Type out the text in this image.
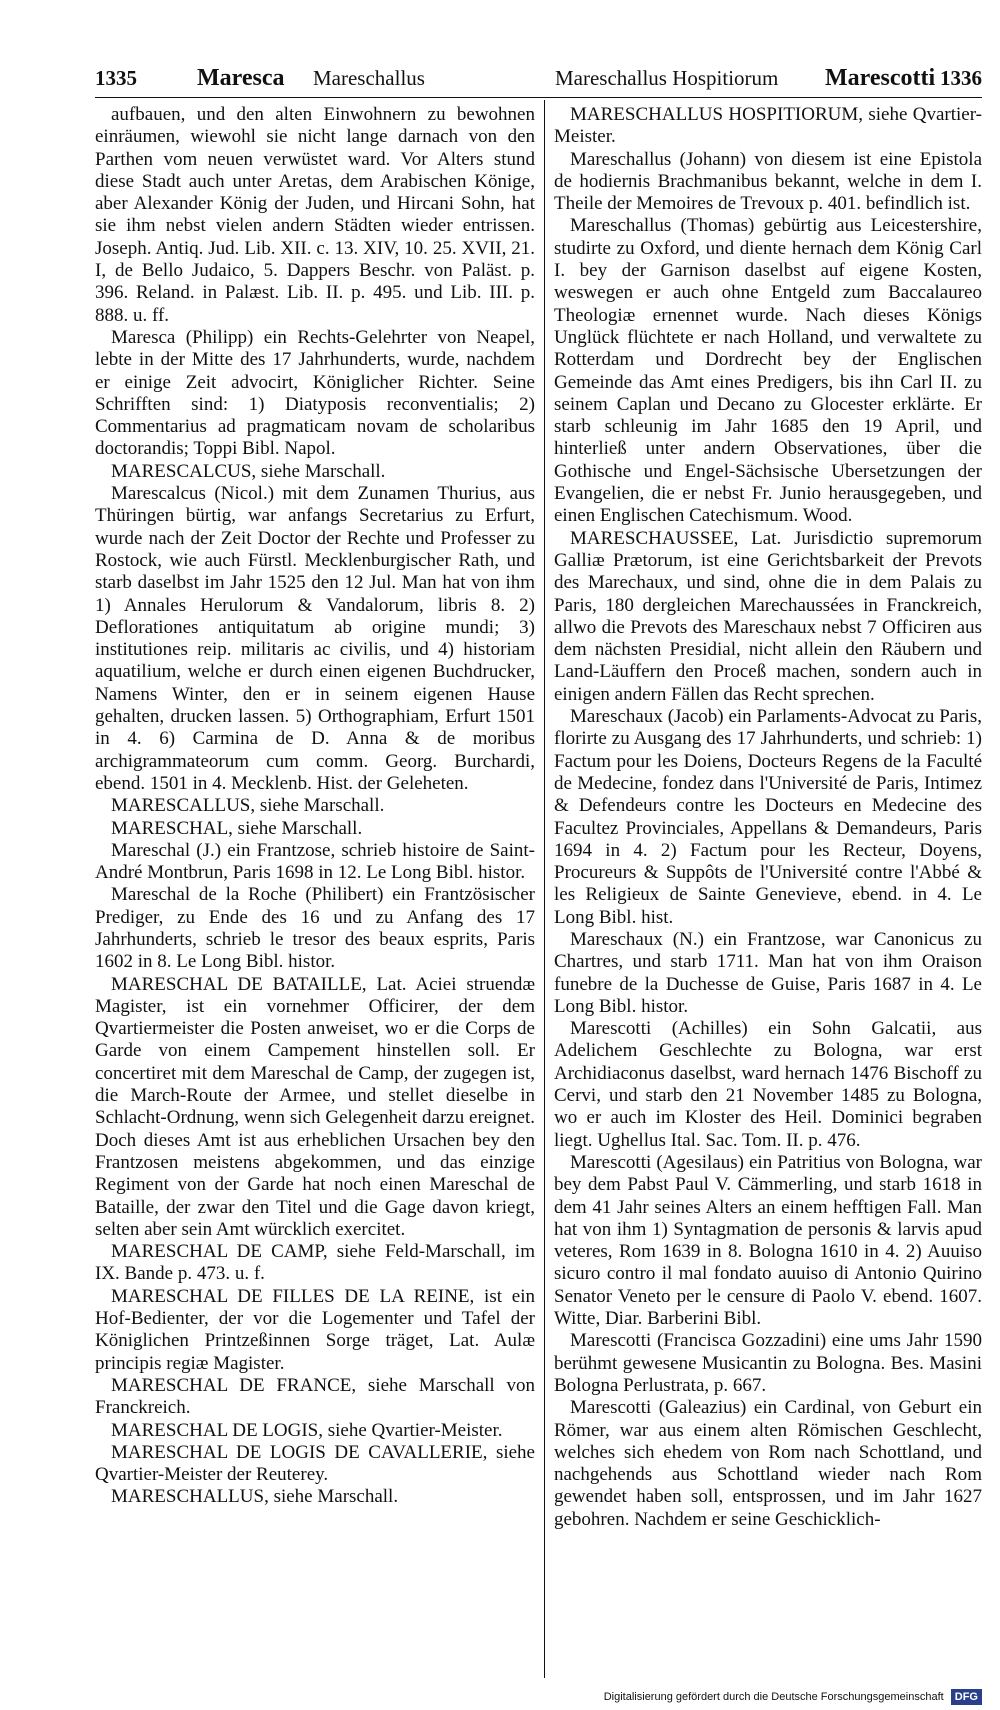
1335	Maresca Mareschallus	Mareschallus Hospitiorum Marescotti 1336

aufbauen, und den alten Einwohnern zu bewohnen einräumen, wiewohl sie nicht lange darnach von den Parthen vom neuen verwüstet ward. Vor Alters stund diese Stadt auch unter Aretas, dem Arabischen Könige, aber Alexander König der Juden, und Hircani Sohn, hat sie ihm nebst vielen andern Städten wieder entrissen. Joseph. Antiq. Jud. Lib. XII. c. 13. XIV, 10. 25. XVII, 21. I, de Bello Judaico, 5. Dappers Beschr. von Paläst. p. 396. Reland. in Palæst. Lib. II. p. 495. und Lib. III. p. 888. u. ff.

Maresca (Philipp) ein Rechts-Gelehrter von Neapel, lebte in der Mitte des 17 Jahrhunderts, wurde, nachdem er einige Zeit advocirt, Königlicher Richter. Seine Schrifften sind: 1) Diatyposis reconventialis; 2) Commentarius ad pragmaticam novam de scholaribus doctorandis; Toppi Bibl. Napol.

MARESCALCUS, siehe Marschall.

Marescalcus (Nicol.) mit dem Zunamen Thurius, aus Thüringen bürtig, war anfangs Secretarius zu Erfurt, wurde nach der Zeit Doctor der Rechte und Professer zu Rostock, wie auch Fürstl. Mecklenburgischer Rath, und starb daselbst im Jahr 1525 den 12 Jul. Man hat von ihm 1) Annales Herulorum & Vandalorum, libris 8. 2) Deflorationes antiquitatum ab origine mundi; 3) institutiones reip. militaris ac civilis, und 4) historiam aquatilium, welche er durch einen eigenen Buchdrucker, Namens Winter, den er in seinem eigenen Hause gehalten, drucken lassen. 5) Orthographiam, Erfurt 1501 in 4. 6) Carmina de D. Anna & de moribus archigrammateorum cum comm. Georg. Burchardi, ebend. 1501 in 4. Mecklenb. Hist. der Geleheten.

MARESCALLUS, siehe Marschall.

MARESCHAL, siehe Marschall.

Mareschal (J.) ein Frantzose, schrieb histoire de Saint-André Montbrun, Paris 1698 in 12. Le Long Bibl. histor.

Mareschal de la Roche (Philibert) ein Frantzösischer Prediger, zu Ende des 16 und zu Anfang des 17 Jahrhunderts, schrieb le tresor des beaux esprits, Paris 1602 in 8. Le Long Bibl. histor.

MARESCHAL DE BATAILLE, Lat. Aciei struendæ Magister, ist ein vornehmer Officirer, der dem Qvartiermeister die Posten anweiset, wo er die Corps de Garde von einem Campement hinstellen soll. Er concertiret mit dem Mareschal de Camp, der zugegen ist, die March-Route der Armee, und stellet dieselbe in Schlacht-Ordnung, wenn sich Gelegenheit darzu ereignet. Doch dieses Amt ist aus erheblichen Ursachen bey den Frantzosen meistens abgekommen, und das einzige Regiment von der Garde hat noch einen Mareschal de Bataille, der zwar den Titel und die Gage davon kriegt, selten aber sein Amt würcklich exercitet.

MARESCHAL DE CAMP, siehe Feld-Marschall, im IX. Bande p. 473. u. f.

MARESCHAL DE FILLES DE LA REINE, ist ein Hof-Bedienter, der vor die Logementer und Tafel der Königlichen Printzeßinnen Sorge träget, Lat. Aulæ principis regiæ Magister.

MARESCHAL DE FRANCE, siehe Marschall von Franckreich.

MARESCHAL DE LOGIS, siehe Qvartier-Meister.

MARESCHAL DE LOGIS DE CAVALLERIE, siehe Qvartier-Meister der Reuterey.

MARESCHALLUS, siehe Marschall.

MARESCHALLUS HOSPITIORUM, siehe Qvartier-Meister.

Mareschallus (Johann) von diesem ist eine Epistola de hodiernis Brachmanibus bekannt, welche in dem I. Theile der Memoires de Trevoux p. 401. befindlich ist.

Mareschallus (Thomas) gebürtig aus Leicestershire, studirte zu Oxford, und diente hernach dem König Carl I. bey der Garnison daselbst auf eigene Kosten, weswegen er auch ohne Entgeld zum Baccalaureo Theologiæ ernennet wurde. Nach dieses Königs Unglück flüchtete er nach Holland, und verwaltete zu Rotterdam und Dordrecht bey der Englischen Gemeinde das Amt eines Predigers, bis ihn Carl II. zu seinem Caplan und Decano zu Glocester erklärte. Er starb schleunig im Jahr 1685 den 19 April, und hinterließ unter andern Observationes, über die Gothische und Engel-Sächsische Ubersetzungen der Evangelien, die er nebst Fr. Junio herausgegeben, und einen Englischen Catechismum. Wood.

MARESCHAUSSEE, Lat. Jurisdictio supremorum Galliæ Prætorum, ist eine Gerichtsbarkeit der Prevots des Marechaux, und sind, ohne die in dem Palais zu Paris, 180 dergleichen Marechaussées in Franckreich, allwo die Prevots des Mareschaux nebst 7 Officiren aus dem nächsten Presidial, nicht allein den Räubern und Land-Läuffern den Proceß machen, sondern auch in einigen andern Fällen das Recht sprechen.

Mareschaux (Jacob) ein Parlaments-Advocat zu Paris, florirte zu Ausgang des 17 Jahrhunderts, und schrieb: 1) Factum pour les Doiens, Docteurs Regens de la Faculté de Medecine, fondez dans l'Université de Paris, Intimez & Defendeurs contre les Docteurs en Medecine des Facultez Provinciales, Appellans & Demandeurs, Paris 1694 in 4. 2) Factum pour les Recteur, Doyens, Procureurs & Suppôts de l'Université contre l'Abbé & les Religieux de Sainte Genevieve, ebend. in 4. Le Long Bibl. hist.

Mareschaux (N.) ein Frantzose, war Canonicus zu Chartres, und starb 1711. Man hat von ihm Oraison funebre de la Duchesse de Guise, Paris 1687 in 4. Le Long Bibl. histor.

Marescotti (Achilles) ein Sohn Galcatii, aus Adelichem Geschlechte zu Bologna, war erst Archidiaconus daselbst, ward hernach 1476 Bischoff zu Cervi, und starb den 21 November 1485 zu Bologna, wo er auch im Kloster des Heil. Dominici begraben liegt. Ughellus Ital. Sac. Tom. II. p. 476.

Marescotti (Agesilaus) ein Patritius von Bologna, war bey dem Pabst Paul V. Cämmerling, und starb 1618 in dem 41 Jahr seines Alters an einem hefftigen Fall. Man hat von ihm 1) Syntagmation de personis & larvis apud veteres, Rom 1639 in 8. Bologna 1610 in 4. 2) Auuiso sicuro contro il mal fondato auuiso di Antonio Quirino Senator Veneto per le censure di Paolo V. ebend. 1607. Witte, Diar. Barberini Bibl.

Marescotti (Francisca Gozzadini) eine ums Jahr 1590 berühmt gewesene Musicantin zu Bologna. Bes. Masini Bologna Perlustrata, p. 667.

Marescotti (Galeazius) ein Cardinal, von Geburt ein Römer, war aus einem alten Römischen Geschlecht, welches sich ehedem von Rom nach Schottland, und nachgehends aus Schottland wieder nach Rom gewendet haben soll, entsprossen, und im Jahr 1627 gebohren. Nachdem er seine Geschicklich-

Digitalisierung gefördert durch die Deutsche Forschungsgemeinschaft DFG
